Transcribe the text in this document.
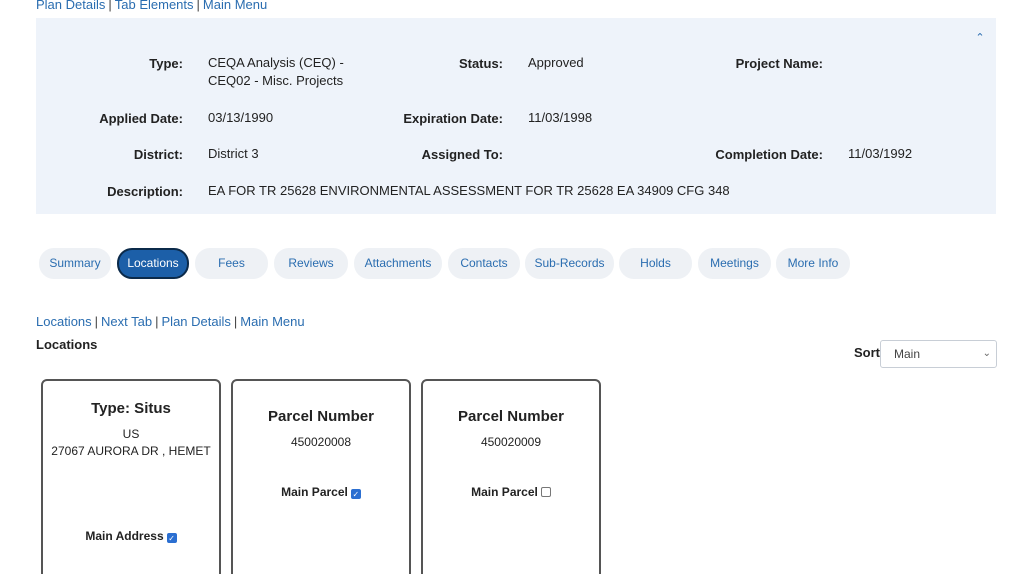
Plan Details | Tab Elements | Main Menu
⌃
Type: CEQA Analysis (CEQ) -
CEQ02 - Misc. Projects
Status: Approved	Project Name:
Applied Date: 03/13/1990	Expiration Date: 11/03/1998
District: District 3	Assigned To:	Completion Date: 11/03/1992
Description: EA FOR TR 25628 ENVIRONMENTAL ASSESSMENT FOR TR 25628 EA 34909 CFG 348
Summary	Locations	Fees	Reviews	Attachments	Contacts	Sub-Records	Holds	Meetings	More Info
Locations | Next Tab | Plan Details | Main Menu
Locations
Sort	Main	⌄
Type: Situs
US
27067 AURORA DR , HEMET
Main Address ✓
Parcel Number
450020008
Main Parcel ✓
Parcel Number
450020009
Main Parcel
